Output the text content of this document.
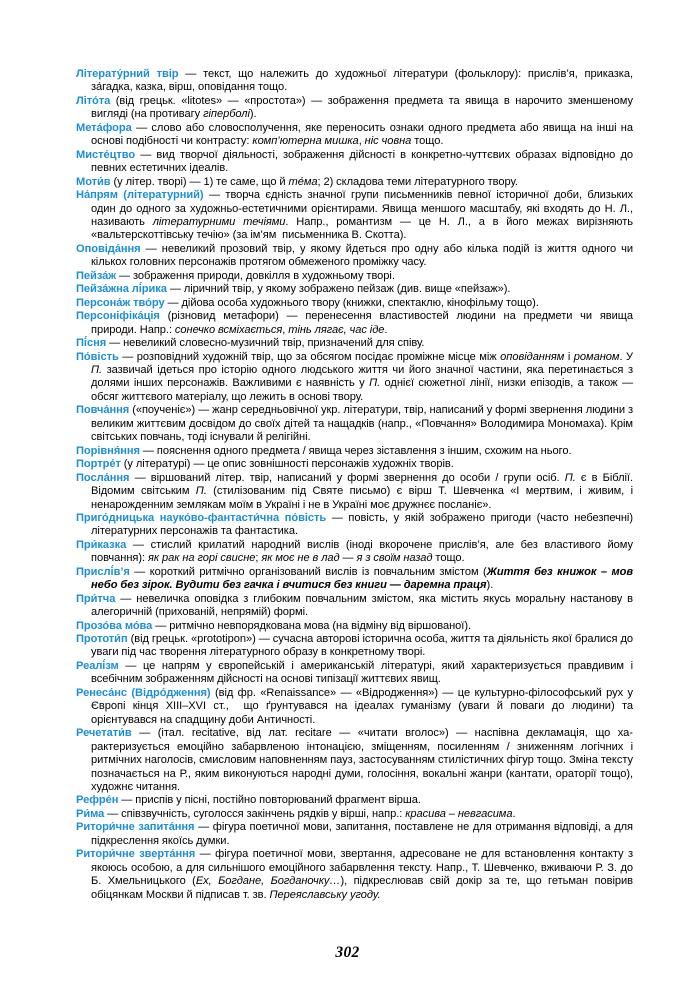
Літерату́рний твір — текст, що належить до художньої літератури (фольклору): прислів’я, приказка, за́гадка, казка, вірш, оповідання тощо.

Літо́та (від грецьк. «litotes» — «простота») — зображення предмета та явища в нарочито зменшеному вигляді (на противагу гіперболі).

Мета́фора — слово або словосполучення, яке переносить ознаки одного предмета або явища на інші на основі подібності чи контрасту: комп’ютерна мишка, ніс човна тощо.

Мисте́цтво — вид творчої діяльності, зображення дійсності в конкретно-чуттєвих образах відповідно до певних естетичних ідеалів.

Моти́в (у літер. творі) — 1) те саме, що й те́ма; 2) складова теми літературного твору.

На́прям (літературний) — творча єдність значної групи письменників певної історичної доби, близьких один до одного за художньо-естетичними орієнтирами. Явища меншого масштабу, які входять до Н. Л., називають літературними течіями. Напр., романтизм — це Н. Л., а в його межах вирізняють «вальтерскоттівську течію» (за ім’ям  письменника В. Скотта).

Оповіда́ння — невеликий прозовий твір, у якому йдеться про одну або кілька подій із життя одного чи кількох головних персонажів протягом обмеженого проміжку часу.

Пейза́ж — зображення природи, довкілля в художньому творі.

Пейза́жна лі́рика — ліричний твір, у якому зображено пейзаж (див. вище «пейзаж»).

Персона́ж тво́ру — дійова особа художнього твору (книжки, спектаклю, кінофільму тощо).

Персоніфіка́ція (різновид метафори) — перенесення властивостей людини на предмети чи явища природи. Напр.: сонечко всміхається, тінь лягає, час іде.

Пі́сня — невеликий словесно-музичний твір, призначений для співу.

По́вість — розповідний художній твір, що за обсягом посідає проміжне місце між оповіданням і романом. У П. зазвичай ідеться про історію одного людського життя чи його значної частини, яка перетинається з долями інших персонажів. Важливими є наявність у П. однієї сюжетної лінії, низки епізодів, а також — обсяг життєвого матеріалу, що лежить в основі твору.

Повча́ння («поученіє») — жанр середньовічної укр. літератури, твір, написаний у формі звернення людини з великим життєвим досвідом до своїх дітей та нащадків (напр., «Повчання» Володимира Мономаха). Крім світських повчань, тоді існували й релігійні.

Порівня́ння — пояснення одного предмета / явища через зіставлення з іншим, схожим на нього.

Портре́т (у літературі) — це опис зовнішності персонажів художніх творів.

Посла́ння — віршований літер. твір, написаний у формі звернення до особи / групи осіб. П. є в Біблії. Відомим світським П. (стилізованим під Святе письмо) є вірш Т. Шевченка «І мертвим, і живим, і ненарожденним землякам моїм в Україні і не в Україні моє дружнєє посланіє».

Приго́дницька науко́во-фантасти́чна по́вість — повість, у якій зображено пригоди (часто небезпечні) літературних персонажів та фантастика.

При́казка — стислий крилатий народний вислів (іноді вкорочене прислів’я, але без властивого йому повчання): як рак на горі свисне; як моє не в лад — я з своїм назад тощо.

Прислі́в’я — короткий ритмічно організований вислів із повчальним змістом (Життя без книжок – мов небо без зірок. Вудити без гачка і вчитися без книги — даремна праця).

При́тча — невеличка оповідка з глибоким повчальним змістом, яка містить якусь моральну настанову в алегоричній (прихованій, непрямій) формі.

Прозо́ва мо́ва — ритмічно невпорядкована мова (на відміну від віршованої).

Прототи́п (від грецьк. «prototipon») — сучасна авторові історична особа, життя та діяльність якої бралися до уваги під час творення літературного образу в конкретному творі.

Реалі́зм — це напрям у європейській і американській літературі, який характеризується правдивим і всебічним зображенням дійсності на основі типізації життєвих явищ.

Ренеса́нс (Відро́дження) (від фр. «Renaissance» — «Відродження») — це культурно-філософський рух у Європі кінця XIII–XVI ст.,  що ґрунтувався на ідеалах гуманізму (уваги й поваги до людини) та орієнтувався на спадщину доби Античності.

Речетати́в — (італ. recitative, від лат. recitare — «читати вголос») — наспівна декламація, що характеризується емоційно забарвленою інтонацією, зміщенням, посиленням / зниженням логічних і ритмічних наголосів, смисловим наповненням пауз, застосуванням стилістичних фігур тощо. Зміна тексту позначається на Р., яким виконуються народні думи, голосіння, вокальні жанри (кантати, ораторії тощо), художнє читання.

Рефре́н — приспів у пісні, постійно повторюваний фрагмент вірша.

Ри́ма — співзвучність, суголосся закінчень рядків у вірші, напр.: красива – невгасима.

Ритори́чне запита́ння — фігура поетичної мови, запитання, поставлене не для отримання відповіді, а для підкреслення якоїсь думки.

Ритори́чне зверта́ння — фігура поетичної мови, звертання, адресоване не для встановлення контакту з якоюсь особою, а для сильнішого емоційного забарвлення тексту. Напр., Т. Шевченко, вживаючи Р. З. до Б. Хмельницького (Ех, Богдане, Богданочку…), підкреслював свій докір за те, що гетьман повірив обіцянкам Москви й підписав т. зв. Переяславську угоду.

302
